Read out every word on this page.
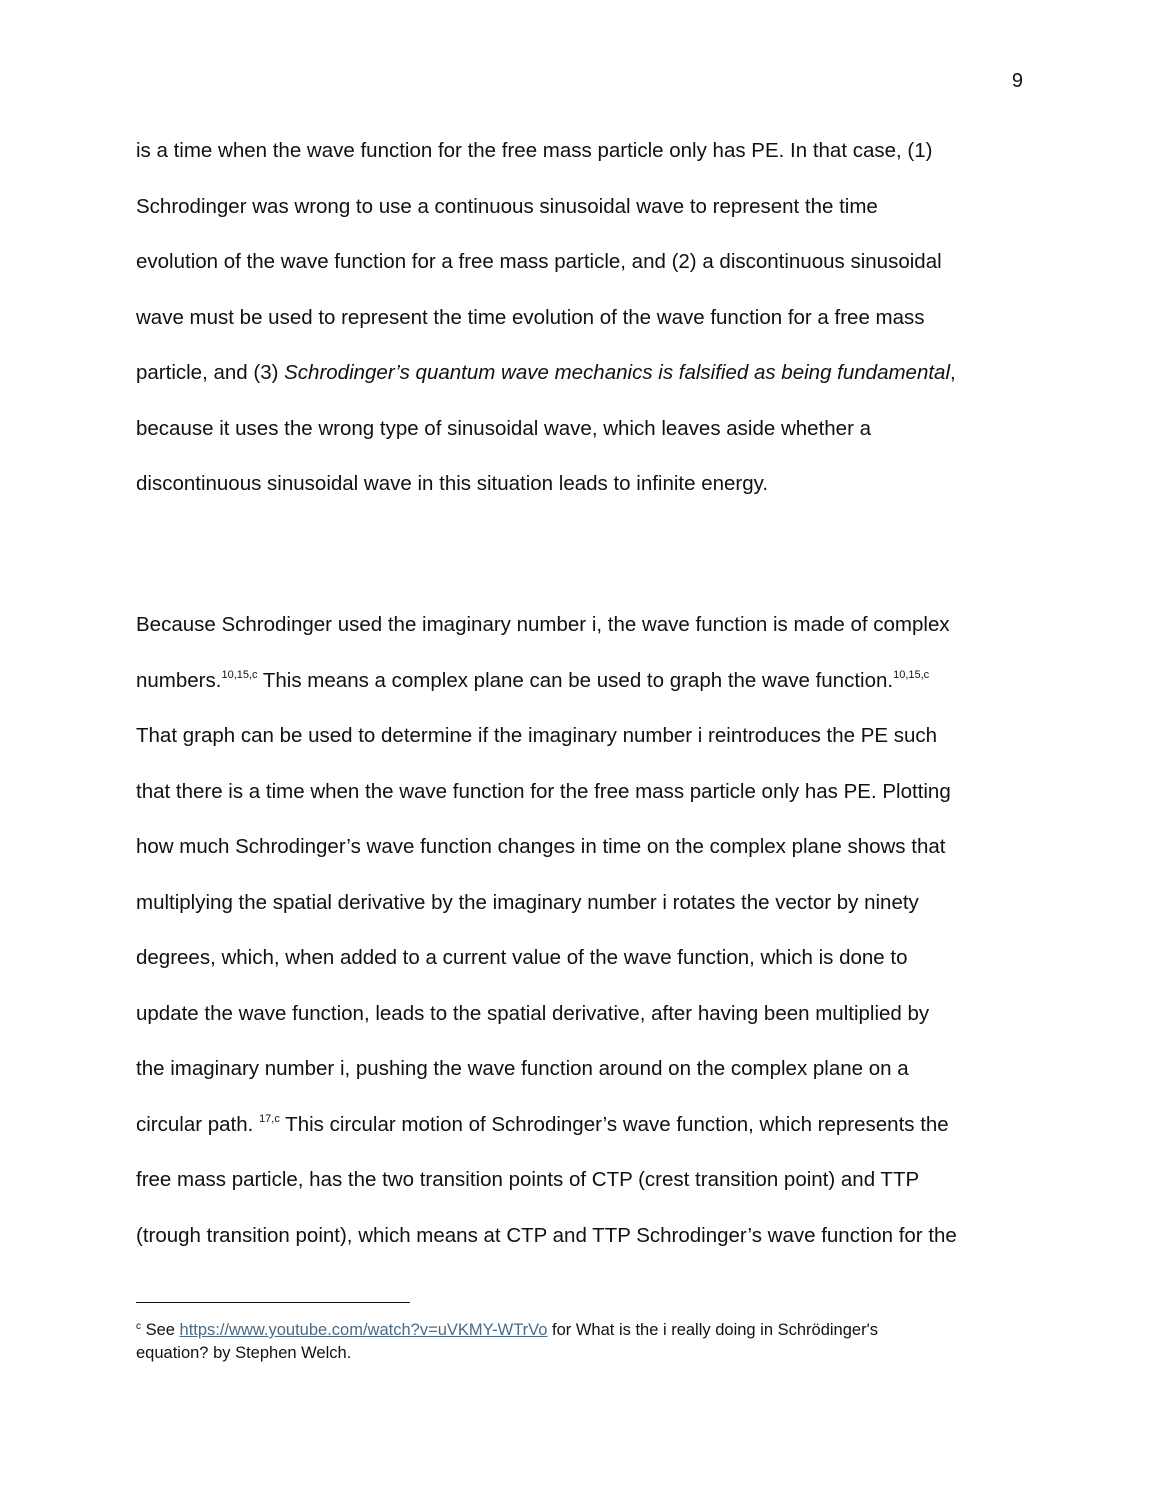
9
is a time when the wave function for the free mass particle only has PE. In that case, (1)
Schrodinger was wrong to use a continuous sinusoidal wave to represent the time
evolution of the wave function for a free mass particle, and (2) a discontinuous sinusoidal
wave must be used to represent the time evolution of the wave function for a free mass
particle, and (3) Schrodinger’s quantum wave mechanics is falsified as being fundamental,
because it uses the wrong type of sinusoidal wave, which leaves aside whether a
discontinuous sinusoidal wave in this situation leads to infinite energy.
Because Schrodinger used the imaginary number i, the wave function is made of complex
numbers.$^{10,15,c}$ This means a complex plane can be used to graph the wave function.$^{10,15,c}$
That graph can be used to determine if the imaginary number i reintroduces the PE such
that there is a time when the wave function for the free mass particle only has PE. Plotting
how much Schrodinger’s wave function changes in time on the complex plane shows that
multiplying the spatial derivative by the imaginary number i rotates the vector by ninety
degrees, which, when added to a current value of the wave function, which is done to
update the wave function, leads to the spatial derivative, after having been multiplied by
the imaginary number i, pushing the wave function around on the complex plane on a
circular path. $^{17,c}$ This circular motion of Schrodinger’s wave function, which represents the
free mass particle, has the two transition points of CTP (crest transition point) and TTP
(trough transition point), which means at CTP and TTP Schrodinger’s wave function for the
$^c$ See https://www.youtube.com/watch?v=uVKMY-WTrVo for What is the i really doing in Schrödinger's
equation? by Stephen Welch.
